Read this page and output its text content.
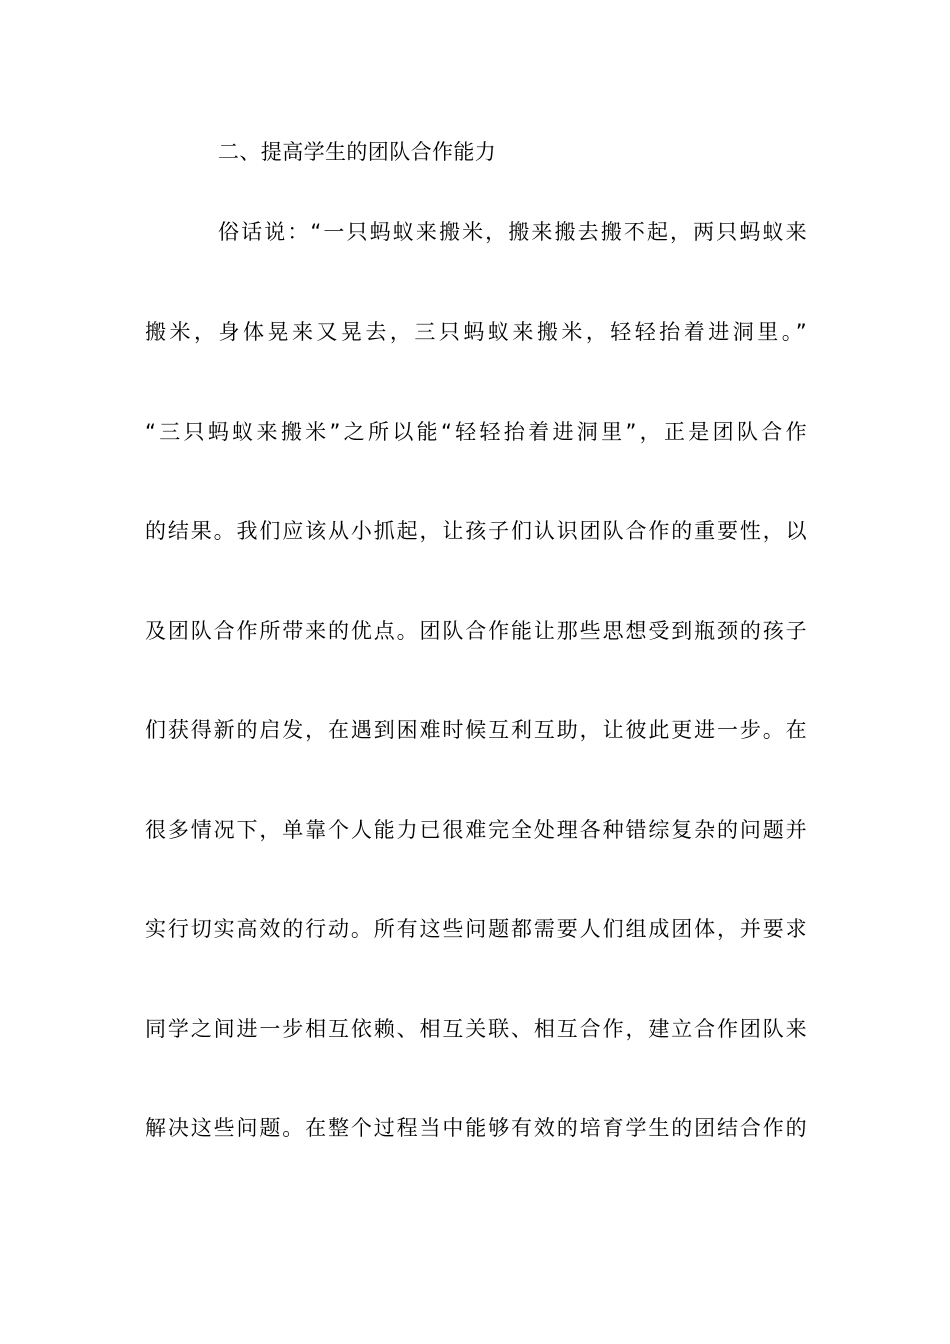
二、提高学生的团队合作能力
俗话说：“一只蚂蚁来搬米，搬来搬去搬不起，两只蚂蚁来
搬米，身体晃来又晃去，三只蚂蚁来搬米，轻轻抬着进洞里。”
“三只蚂蚁来搬米”之所以能“轻轻抬着进洞里”，正是团队合作
的结果。我们应该从小抓起，让孩子们认识团队合作的重要性，以
及团队合作所带来的优点。团队合作能让那些思想受到瓶颈的孩子
们获得新的启发，在遇到困难时候互利互助，让彼此更进一步。在
很多情况下，单靠个人能力已很难完全处理各种错综复杂的问题并
实行切实高效的行动。所有这些问题都需要人们组成团体，并要求
同学之间进一步相互依赖、相互关联、相互合作，建立合作团队来
解决这些问题。在整个过程当中能够有效的培育学生的团结合作的
